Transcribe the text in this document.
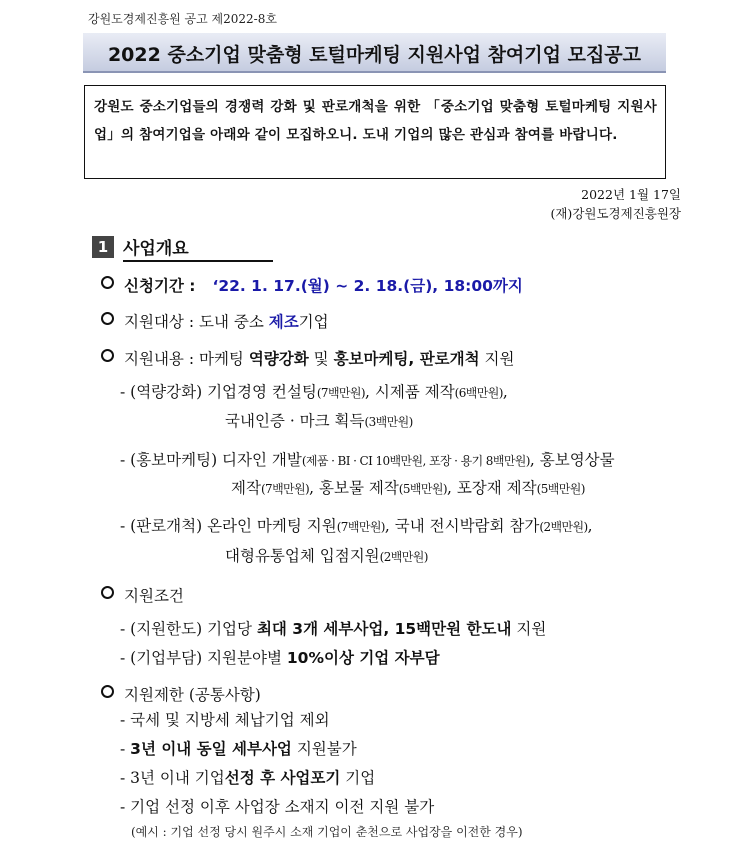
강원도경제진흥원 공고 제2022-8호
2022 중소기업 맞춤형 토털마케팅 지원사업 참여기업 모집공고
강원도 중소기업들의 경쟁력 강화 및 판로개척을 위한 「중소기업 맞춤형 토털마케팅 지원사업」의 참여기업을 아래와 같이 모집하오니. 도내 기업의 많은 관심과 참여를 바랍니다.
2022년 1월 17일
(재)강원도경제진흥원장
1 사업개요
신청기간 : ‘22. 1. 17.(월) ~ 2. 18.(금), 18:00까지
지원대상 : 도내 중소 제조기업
지원내용 : 마케팅 역량강화 및 홍보마케팅, 판로개척 지원
- (역량강화) 기업경영 컨설팅(7백만원), 시제품 제작(6백만원),
국내인증 · 마크 획득(3백만원)
- (홍보마케팅) 디자인 개발(제품 · BI · CI 10백만원, 포장 · 용기 8백만원), 홍보영상물
제작(7백만원), 홍보물 제작(5백만원), 포장재 제작(5백만원)
- (판로개척) 온라인 마케팅 지원(7백만원), 국내 전시박람회 참가(2백만원),
대형유통업체 입점지원(2백만원)
지원조건
- (지원한도) 기업당 최대 3개 세부사업, 15백만원 한도내 지원
- (기업부담) 지원분야별 10%이상 기업 자부담
지원제한 (공통사항)
- 국세 및 지방세 체납기업 제외
- 3년 이내 동일 세부사업 지원불가
- 3년 이내 기업선정 후 사업포기 기업
- 기업 선정 이후 사업장 소재지 이전 지원 불가
(예시 : 기업 선정 당시 원주시 소재 기업이 춘천으로 사업장을 이전한 경우)
